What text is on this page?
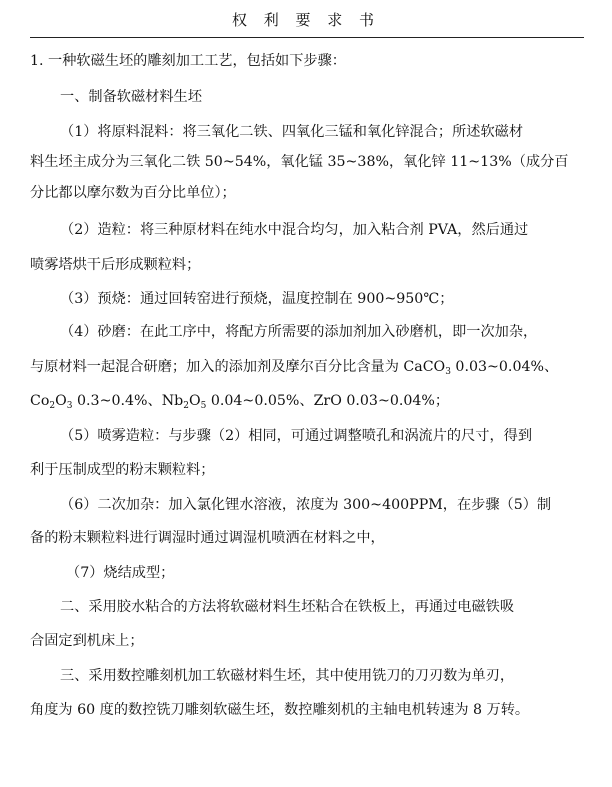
权 利 要 求 书
1. 一种软磁生坯的雕刻加工工艺，包括如下步骤：
一、制备软磁材料生坯
（1）将原料混料：将三氧化二铁、四氧化三锰和氧化锌混合；所述软磁材
料生坯主成分为三氧化二铁 50~54%，氧化锰 35~38%，氧化锌 11~13%（成分百
分比都以摩尔数为百分比单位）；
（2）造粒：将三种原材料在纯水中混合均匀，加入粘合剂 PVA，然后通过
喷雾塔烘干后形成颗粒料；
（3）预烧：通过回转窑进行预烧，温度控制在 900~950℃；
（4）砂磨：在此工序中，将配方所需要的添加剂加入砂磨机，即一次加杂，
与原材料一起混合研磨；加入的添加剂及摩尔百分比含量为 CaCO$_3$ 0.03~0.04%、
$Co_2O_3$ 0.3~0.4%、$Nb_2O_5$ 0.04~0.05%、ZrO 0.03~0.04%；
（5）喷雾造粒：与步骤（2）相同，可通过调整喷孔和涡流片的尺寸，得到
利于压制成型的粉末颗粒料；
（6）二次加杂：加入氯化锂水溶液，浓度为 300~400PPM，在步骤（5）制
备的粉末颗粒料进行调湿时通过调湿机喷洒在材料之中，
（7）烧结成型；
二、采用胶水粘合的方法将软磁材料生坯粘合在铁板上，再通过电磁铁吸
合固定到机床上；
三、采用数控雕刻机加工软磁材料生坯，其中使用铣刀的刀刃数为单刃，
角度为 60 度的数控铣刀雕刻软磁生坯，数控雕刻机的主轴电机转速为 8 万转。
